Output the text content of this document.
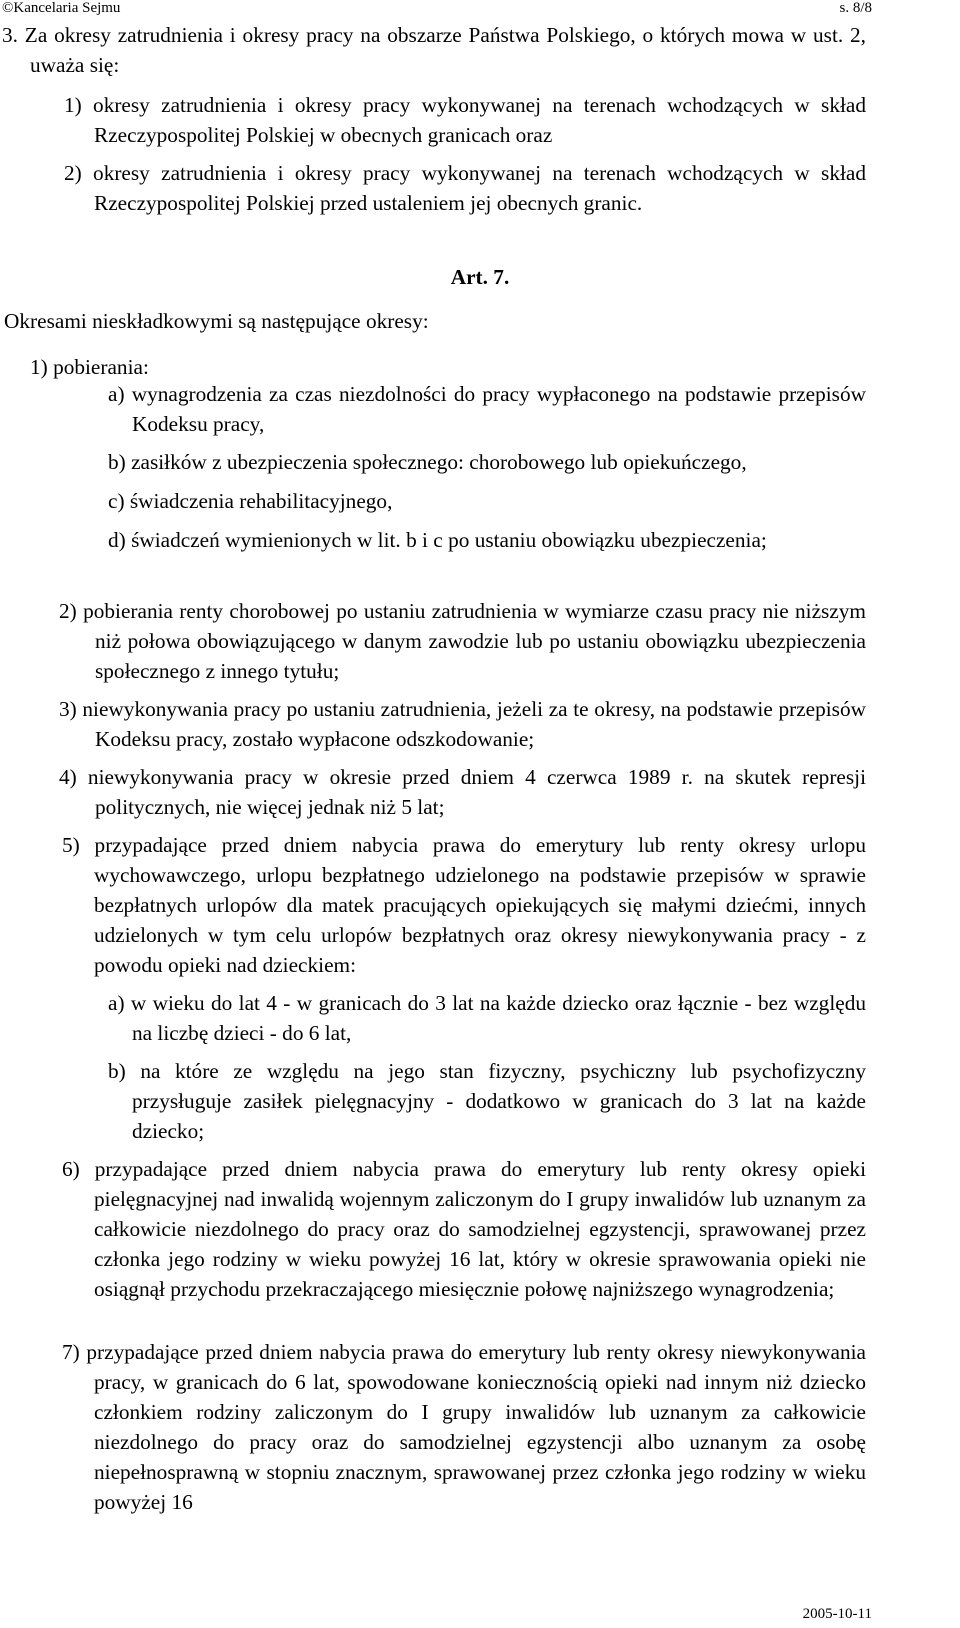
©Kancelaria Sejmu	s. 8/8

3. Za okresy zatrudnienia i okresy pracy na obszarze Państwa Polskiego, o których mowa w ust. 2, uważa się:

1) okresy zatrudnienia i okresy pracy wykonywanej na terenach wchodzących w skład Rzeczypospolitej Polskiej w obecnych granicach oraz

2) okresy zatrudnienia i okresy pracy wykonywanej na terenach wchodzących w skład Rzeczypospolitej Polskiej przed ustaleniem jej obecnych granic.

Art. 7.

Okresami nieskładkowymi są następujące okresy:

1) pobierania:

a) wynagrodzenia za czas niezdolności do pracy wypłaconego na podstawie przepisów Kodeksu pracy,

b) zasiłków z ubezpieczenia społecznego: chorobowego lub opiekuńczego,

c) świadczenia rehabilitacyjnego,

d) świadczeń wymienionych w lit. b i c po ustaniu obowiązku ubezpieczenia;

2) pobierania renty chorobowej po ustaniu zatrudnienia w wymiarze czasu pracy nie niższym niż połowa obowiązującego w danym zawodzie lub po ustaniu obowiązku ubezpieczenia społecznego z innego tytułu;

3) niewykonywania pracy po ustaniu zatrudnienia, jeżeli za te okresy, na podstawie przepisów Kodeksu pracy, zostało wypłacone odszkodowanie;

4) niewykonywania pracy w okresie przed dniem 4 czerwca 1989 r. na skutek represji politycznych, nie więcej jednak niż 5 lat;

5) przypadające przed dniem nabycia prawa do emerytury lub renty okresy urlopu wychowawczego, urlopu bezpłatnego udzielonego na podstawie przepisów w sprawie bezpłatnych urlopów dla matek pracujących opiekujących się małymi dziećmi, innych udzielonych w tym celu urlopów bezpłatnych oraz okresy niewykonywania pracy - z powodu opieki nad dzieckiem:

a) w wieku do lat 4 - w granicach do 3 lat na każde dziecko oraz łącznie - bez względu na liczbę dzieci - do 6 lat,

b) na które ze względu na jego stan fizyczny, psychiczny lub psychofizyczny przysługuje zasiłek pielęgnacyjny - dodatkowo w granicach do 3 lat na każde dziecko;

6) przypadające przed dniem nabycia prawa do emerytury lub renty okresy opieki pielęgnacyjnej nad inwalidą wojennym zaliczonym do I grupy inwalidów lub uznanym za całkowicie niezdolnego do pracy oraz do samodzielnej egzystencji, sprawowanej przez członka jego rodziny w wieku powyżej 16 lat, który w okresie sprawowania opieki nie osiągnął przychodu przekraczającego miesięcznie połowę najniższego wynagrodzenia;

7) przypadające przed dniem nabycia prawa do emerytury lub renty okresy niewykonywania pracy, w granicach do 6 lat, spowodowane koniecznością opieki nad innym niż dziecko członkiem rodziny zaliczonym do I grupy inwalidów lub uznanym za całkowicie niezdolnego do pracy oraz do samodzielnej egzystencji albo uznanym za osobę niepełnosprawną w stopniu znacznym, sprawowanej przez członka jego rodziny w wieku powyżej 16

2005-10-11
